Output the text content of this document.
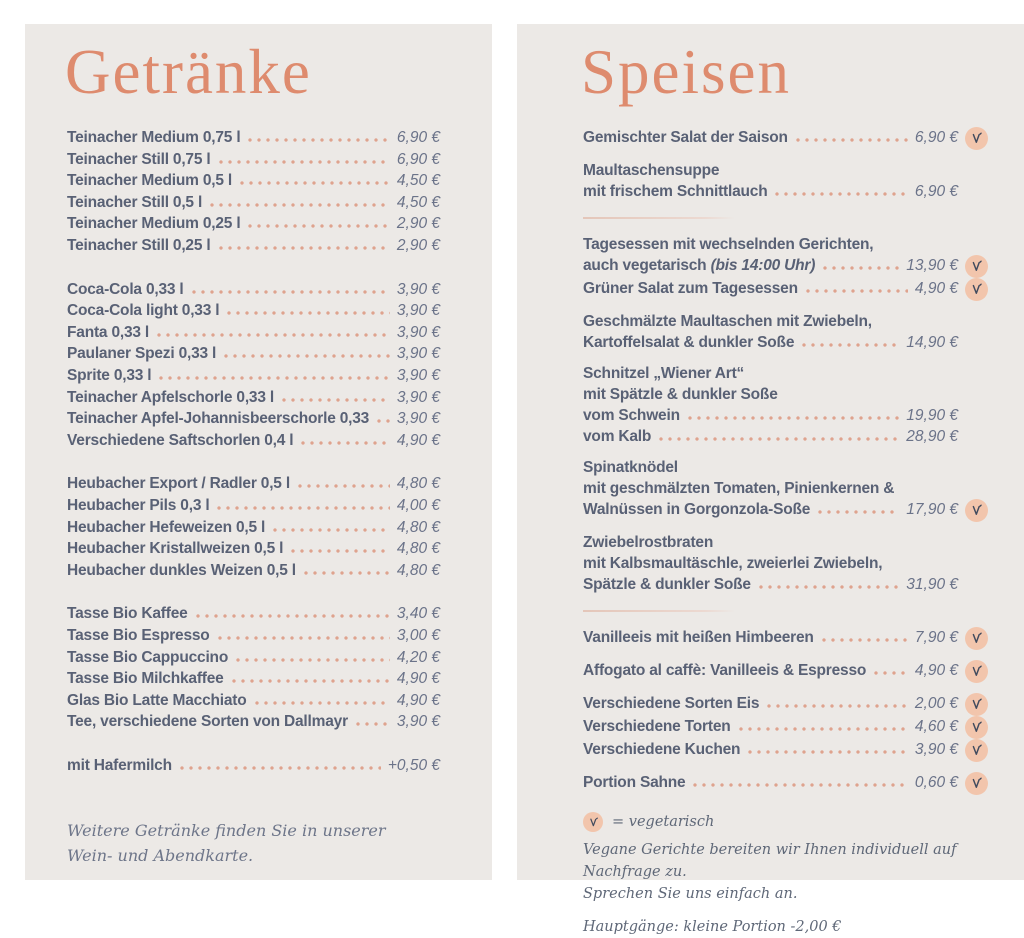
Getränke
Teinacher Medium 0,75 l	6,90 €
Teinacher Still 0,75 l	6,90 €
Teinacher Medium 0,5 l	4,50 €
Teinacher Still 0,5 l	4,50 €
Teinacher Medium 0,25 l	2,90 €
Teinacher Still 0,25 l	2,90 €
Coca-Cola 0,33 l	3,90 €
Coca-Cola light 0,33 l	3,90 €
Fanta 0,33 l	3,90 €
Paulaner Spezi 0,33 l	3,90 €
Sprite 0,33 l	3,90 €
Teinacher Apfelschorle 0,33 l	3,90 €
Teinacher Apfel-Johannisbeerschorle 0,33 3,90 €
Verschiedene Saftschorlen 0,4 l	4,90 €
Heubacher Export / Radler 0,5 l	4,80 €
Heubacher Pils 0,3 l	4,00 €
Heubacher Hefeweizen 0,5 l	4,80 €
Heubacher Kristallweizen 0,5 l	4,80 €
Heubacher dunkles Weizen 0,5 l	4,80 €
Tasse Bio Kaffee	3,40 €
Tasse Bio Espresso	3,00 €
Tasse Bio Cappuccino	4,20 €
Tasse Bio Milchkaffee	4,90 €
Glas Bio Latte Macchiato	4,90 €
Tee, verschiedene Sorten von Dallmayr	3,90 €
mit Hafermilch	+0,50 €
Weitere Getränke finden Sie in unserer
Wein- und Abendkarte.
Speisen
Gemischter Salat der Saison	6,90 €
Maultaschensuppe
mit frischem Schnittlauch	6,90 €
Tagesessen mit wechselnden Gerichten,
auch vegetarisch (bis 14:00 Uhr)	13,90 €
Grüner Salat zum Tagesessen	4,90 €
Geschmälzte Maultaschen mit Zwiebeln,
Kartoffelsalat & dunkler Soße	14,90 €
Schnitzel „Wiener Art“
mit Spätzle & dunkler Soße
vom Schwein	19,90 €
vom Kalb	28,90 €
Spinatknödel
mit geschmälzten Tomaten, Pinienkernen &
Walnüssen in Gorgonzola-Soße	17,90 €
Zwiebelrostbraten
mit Kalbsmaultäschle, zweierlei Zwiebeln,
Spätzle & dunkler Soße	31,90 €
Vanilleeis mit heißen Himbeeren	7,90 €
Affogato al caffè: Vanilleeis & Espresso	4,90 €
Verschiedene Sorten Eis	2,00 €
Verschiedene Torten	4,60 €
Verschiedene Kuchen	3,90 €
Portion Sahne	0,60 €
= vegetarisch

Vegane Gerichte bereiten wir Ihnen individuell auf Nachfrage zu.
Sprechen Sie uns einfach an.

Hauptgänge: kleine Portion -2,00 €
